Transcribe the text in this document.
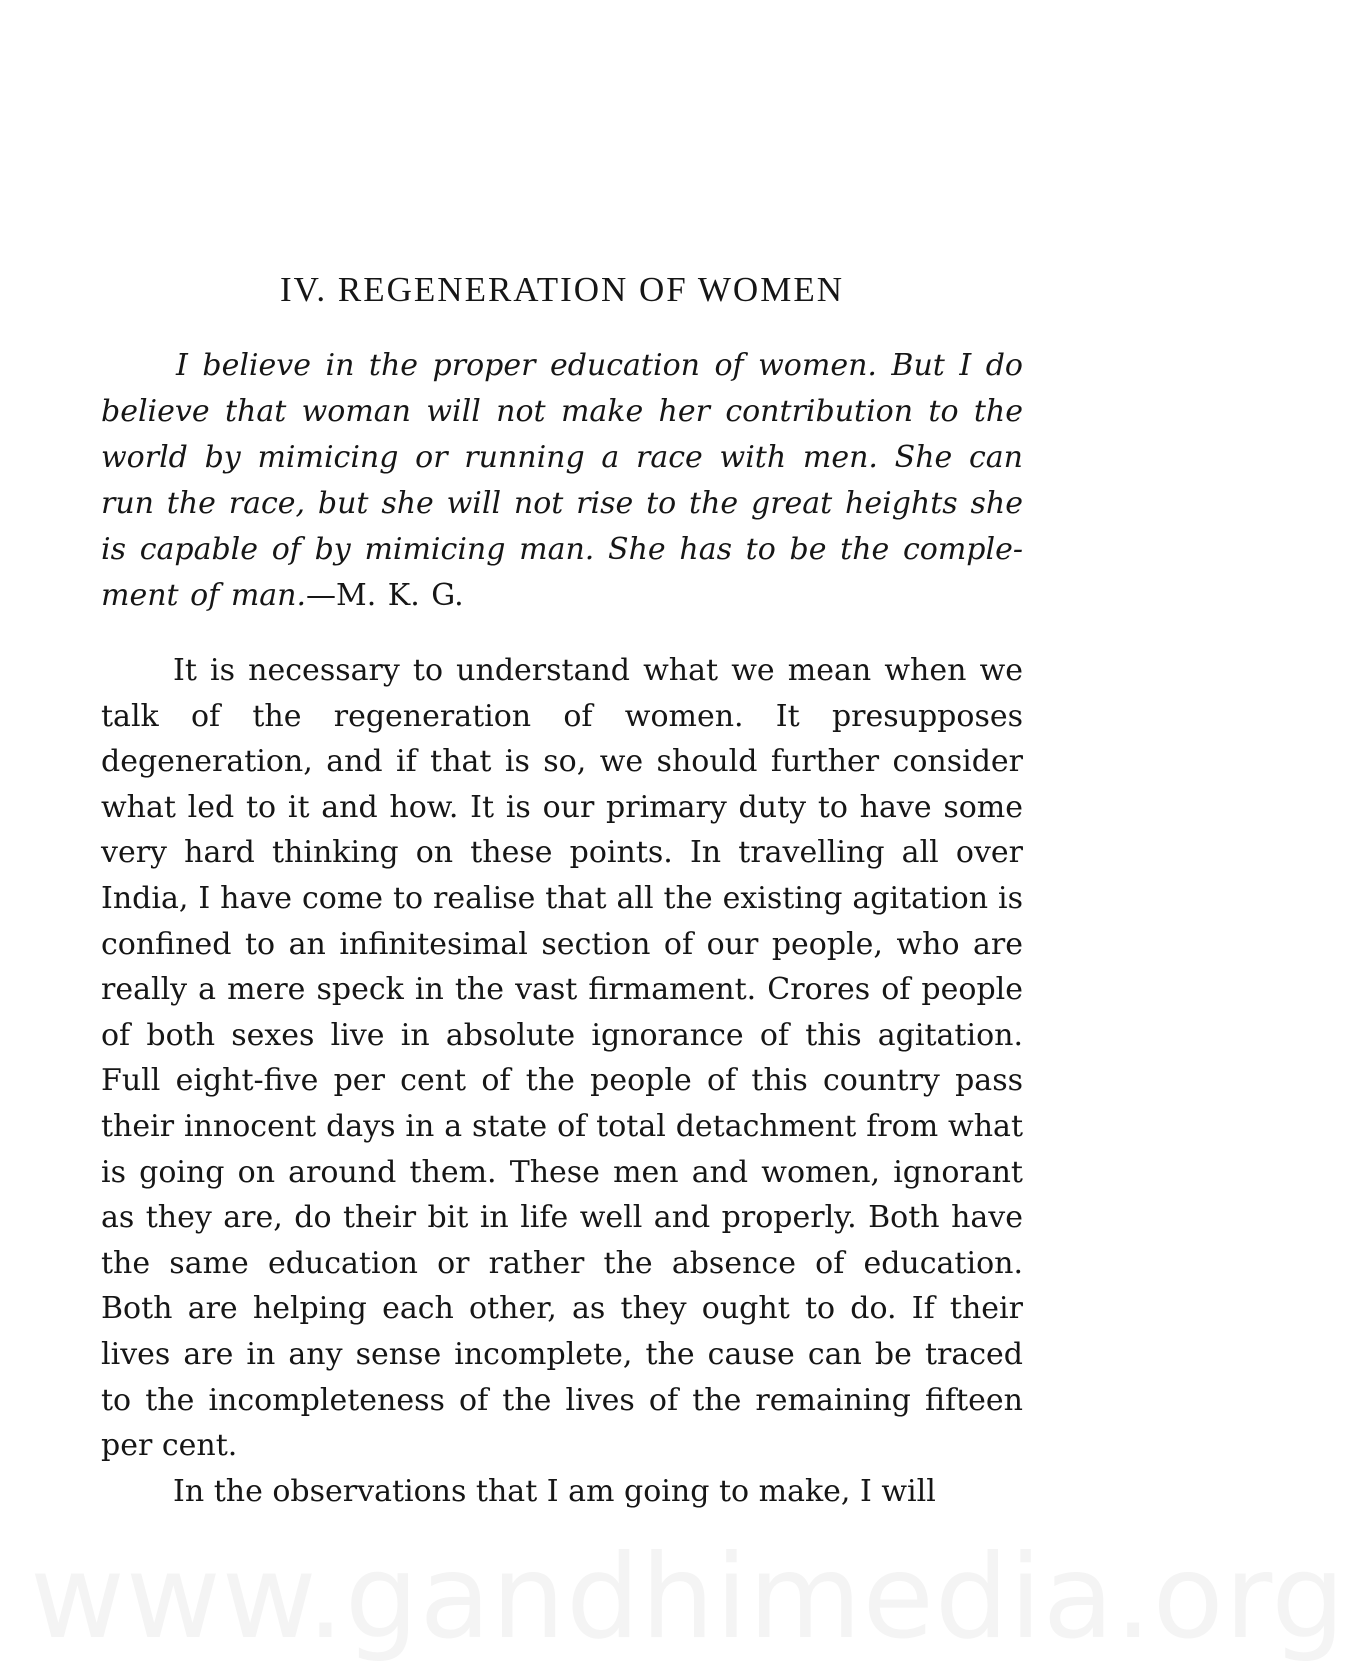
IV. REGENERATION OF WOMEN

I believe in the proper education of women. But I do believe that woman will not make her contribution to the world by mimicing or running a race with men. She can run the race, but she will not rise to the great heights she is capable of by mimicing man. She has to be the comple-ment of man.—M. K. G.

It is necessary to understand what we mean when we talk of the regeneration of women. It presupposes degeneration, and if that is so, we should further consider what led to it and how. It is our primary duty to have some very hard thinking on these points. In travelling all over India, I have come to realise that all the existing agitation is confined to an infinitesimal section of our people, who are really a mere speck in the vast firmament. Crores of people of both sexes live in absolute ignorance of this agitation. Full eight-five per cent of the people of this country pass their innocent days in a state of total detachment from what is going on around them. These men and women, ignorant as they are, do their bit in life well and properly. Both have the same education or rather the absence of education. Both are helping each other, as they ought to do. If their lives are in any sense incomplete, the cause can be traced to the incompleteness of the lives of the remaining fifteen per cent.

In the observations that I am going to make, I will

www.gandhimedia.org
